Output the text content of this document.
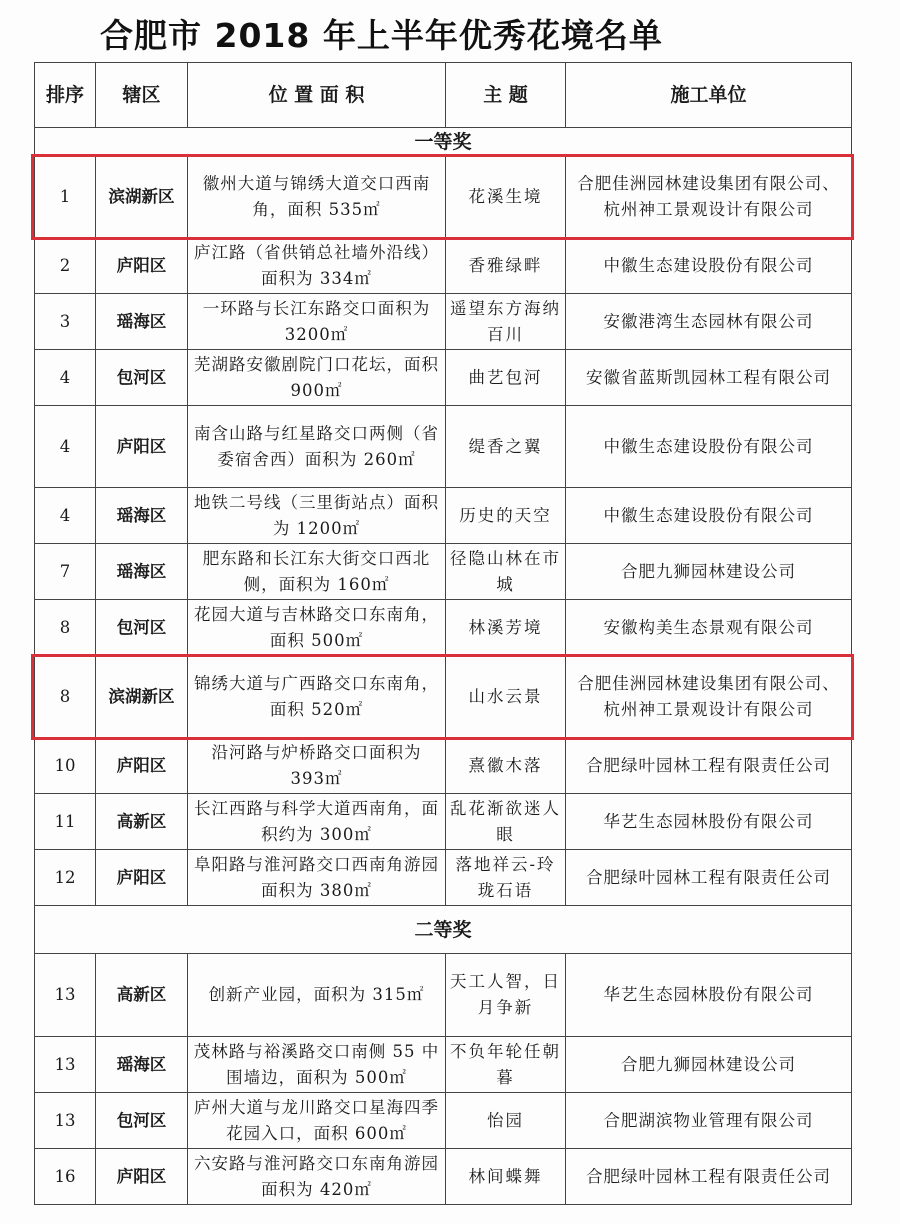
合肥市 2018 年上半年优秀花境名单
排序	辖区	位 置 面 积	主 题	施工单位
一等奖				
1	滨湖新区	徽州大道与锦绣大道交口西南角，面积 535㎡	花溪生境	合肥佳洲园林建设集团有限公司、 杭州神工景观设计有限公司
2	庐阳区	庐江路（省供销总社墙外沿线）面积为 334㎡	香雅绿畔	中徽生态建设股份有限公司
3	瑶海区	一环路与长江东路交口面积为 3200㎡	遥望东方海纳百川	安徽港湾生态园林有限公司
4	包河区	芜湖路安徽剧院门口花坛，面积 900㎡	曲艺包河	安徽省蓝斯凯园林工程有限公司
4	庐阳区	南含山路与红星路交口两侧（省委宿舍西）面积为 260㎡	缇香之翼	中徽生态建设股份有限公司
4	瑶海区	地铁二号线（三里街站点）面积为 1200㎡	历史的天空	中徽生态建设股份有限公司
7	瑶海区	肥东路和长江东大街交口西北侧，面积为 160㎡	径隐山林在市城	合肥九狮园林建设公司
8	包河区	花园大道与吉林路交口东南角，面积 500㎡	林溪芳境	安徽构美生态景观有限公司
8	滨湖新区	锦绣大道与广西路交口东南角，面积 520㎡	山水云景	合肥佳洲园林建设集团有限公司、 杭州神工景观设计有限公司
10	庐阳区	沿河路与炉桥路交口面积为 393㎡	熹徽木落	合肥绿叶园林工程有限责任公司
11	高新区	长江西路与科学大道西南角，面积约为 300㎡	乱花渐欲迷人眼	华艺生态园林股份有限公司
12	庐阳区	阜阳路与淮河路交口西南角游园面积为 380㎡	落地祥云-玲珑石语	合肥绿叶园林工程有限责任公司
二等奖				
13	高新区	创新产业园，面积为 315㎡	天工人智，日月争新	华艺生态园林股份有限公司
13	瑶海区	茂林路与裕溪路交口南侧 55 中围墙边，面积为 500㎡	不负年轮任朝暮	合肥九狮园林建设公司
13	包河区	庐州大道与龙川路交口星海四季花园入口，面积 600㎡	怡园	合肥湖滨物业管理有限公司
16	庐阳区	六安路与淮河路交口东南角游园面积为 420㎡	林间蝶舞	合肥绿叶园林工程有限责任公司
